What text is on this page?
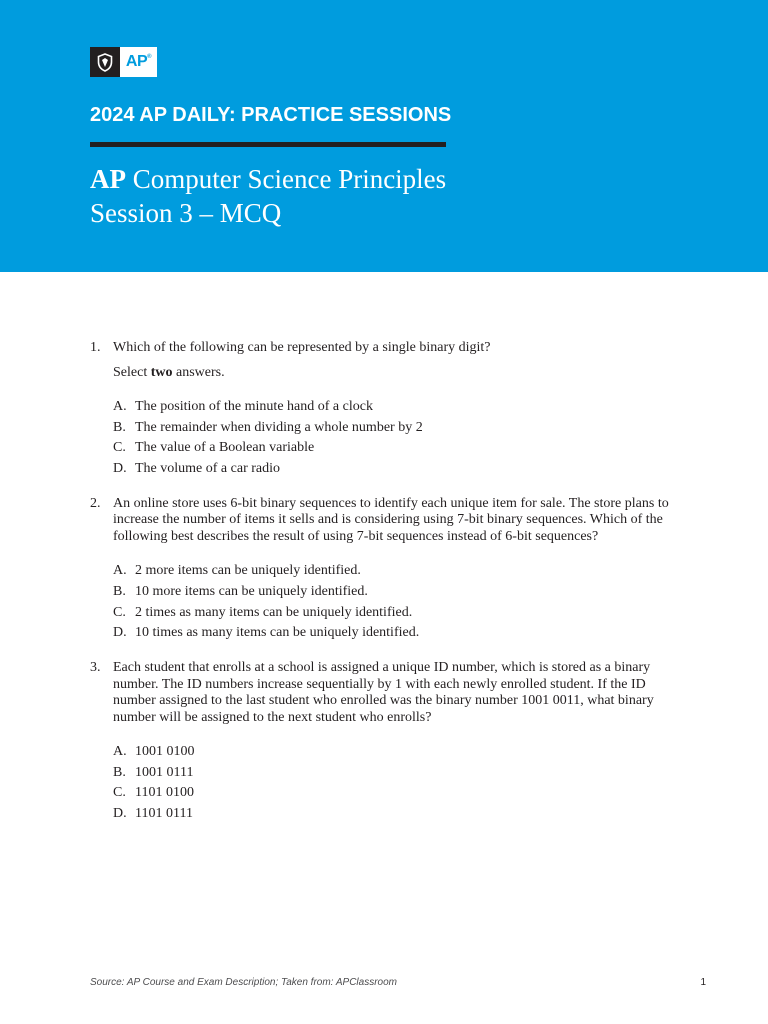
AP®
2024 AP DAILY: PRACTICE SESSIONS
AP Computer Science Principles
Session 3 – MCQ
1. Which of the following can be represented by a single binary digit?

Select two answers.

A. The position of the minute hand of a clock
B. The remainder when dividing a whole number by 2
C. The value of a Boolean variable
D. The volume of a car radio
2. An online store uses 6-bit binary sequences to identify each unique item for sale. The store plans to increase the number of items it sells and is considering using 7-bit binary sequences. Which of the following best describes the result of using 7-bit sequences instead of 6-bit sequences?

A. 2 more items can be uniquely identified.
B. 10 more items can be uniquely identified.
C. 2 times as many items can be uniquely identified.
D. 10 times as many items can be uniquely identified.
3. Each student that enrolls at a school is assigned a unique ID number, which is stored as a binary number. The ID numbers increase sequentially by 1 with each newly enrolled student. If the ID number assigned to the last student who enrolled was the binary number 1001 0011, what binary number will be assigned to the next student who enrolls?

A. 1001 0100
B. 1001 0111
C. 1101 0100
D. 1101 0111
Source: AP Course and Exam Description; Taken from: APClassroom	1
